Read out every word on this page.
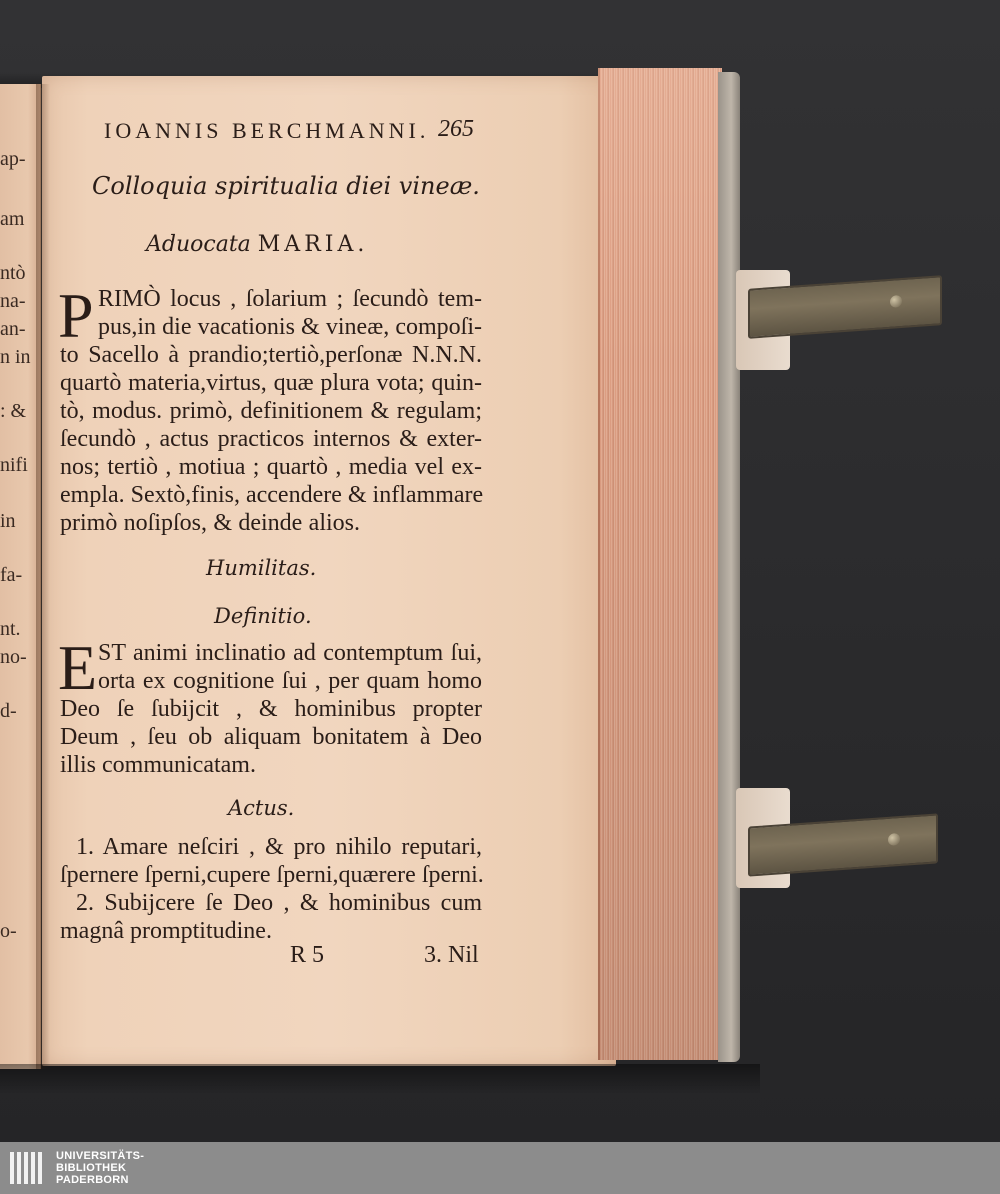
ap-
am
ntò
na-
an-
n in
: &
nifi
in
fa-
nt.
no-
d-
o-
IOANNIS BERCHMANNI. 265
Colloquia spiritualia diei vineæ.
Aduocata MARIA.
P RIMÒ locus , ſolarium ; ſecundò tem-
pus,in die vacationis & vineæ, compoſi-
to Sacello à prandio;tertiò,perſonæ N.N.N.
quartò materia,virtus, quæ plura vota; quin-
tò, modus. primò, definitionem & regulam;
ſecundò , actus practicos internos & exter-
nos; tertiò , motiua ; quartò , media vel ex-
empla. Sextò,finis, accendere & inflammare
primò noſipſos, & deinde alios.
Humilitas.
Definitio.
E ST animi inclinatio ad contemptum ſui,
orta ex cognitione ſui , per quam homo
Deo ſe ſubijcit , & hominibus propter
Deum , ſeu ob aliquam bonitatem à Deo
illis communicatam.
Actus.
1. Amare neſciri , & pro nihilo reputari,
ſpernere ſperni,cupere ſperni,quærere ſperni.
2. Subijcere ſe Deo , & hominibus cum
magnâ promptitudine.
R 5	3. Nil
UNIVERSITÄTS-
BIBLIOTHEK
PADERBORN
